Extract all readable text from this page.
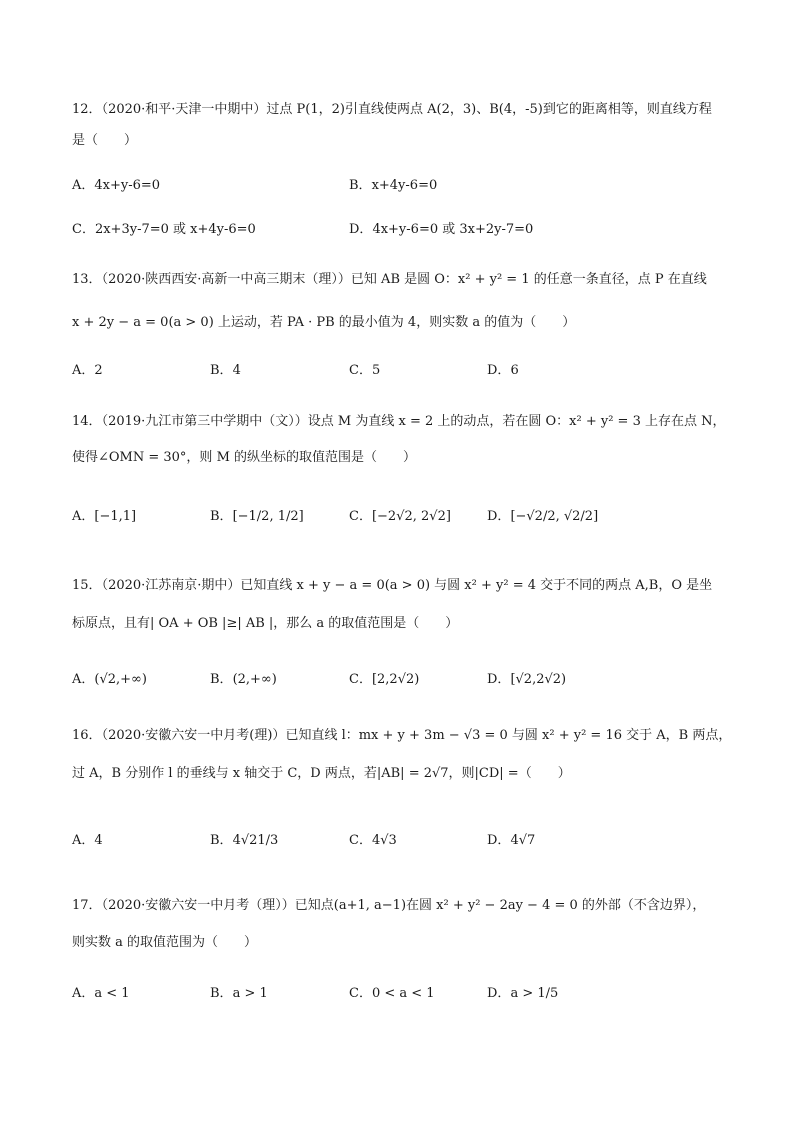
12．（2020·和平·天津一中期中）过点 P(1，2)引直线使两点 A(2，3)、B(4，-5)到它的距离相等，则直线方程
是（　　）
A．4x+y-6=0	B．x+4y-6=0
C．2x+3y-7=0 或 x+4y-6=0	D．4x+y-6=0 或 3x+2y-7=0
13．（2020·陕西西安·高新一中高三期末（理））已知 AB 是圆 O：x² + y² = 1 的任意一条直径，点 P 在直线
x + 2y − a = 0(a > 0) 上运动，若 PA · PB 的最小值为 4，则实数 a 的值为（　　）
A．2	B．4	C．5	D．6
14．（2019·九江市第三中学期中（文））设点 M 为直线 x = 2 上的动点，若在圆 O：x² + y² = 3 上存在点 N，
使得∠OMN = 30°，则 M 的纵坐标的取值范围是（　　）
A．[−1,1]	B．[−1/2, 1/2]	C．[−2√2, 2√2]	D．[−√2/2, √2/2]
15．（2020·江苏南京·期中）已知直线 x + y − a = 0(a > 0) 与圆 x² + y² = 4 交于不同的两点 A,B，O 是坐
标原点，且有| OA + OB |≥| AB |，那么 a 的取值范围是（　　）
A．(√2,+∞)	B．(2,+∞)	C．[2,2√2)	D．[√2,2√2)
16．（2020·安徽六安一中月考(理)）已知直线 l：mx + y + 3m − √3 = 0 与圆 x² + y² = 16 交于 A，B 两点，
过 A，B 分别作 l 的垂线与 x 轴交于 C，D 两点，若|AB| = 2√7，则|CD| =（　　）
A．4	B．4√21/3	C．4√3	D．4√7
17．（2020·安徽六安一中月考（理））已知点(a+1, a−1)在圆 x² + y² − 2ay − 4 = 0 的外部（不含边界），
则实数 a 的取值范围为（　　）
A．a < 1	B．a > 1	C．0 < a < 1	D．a > 1/5
